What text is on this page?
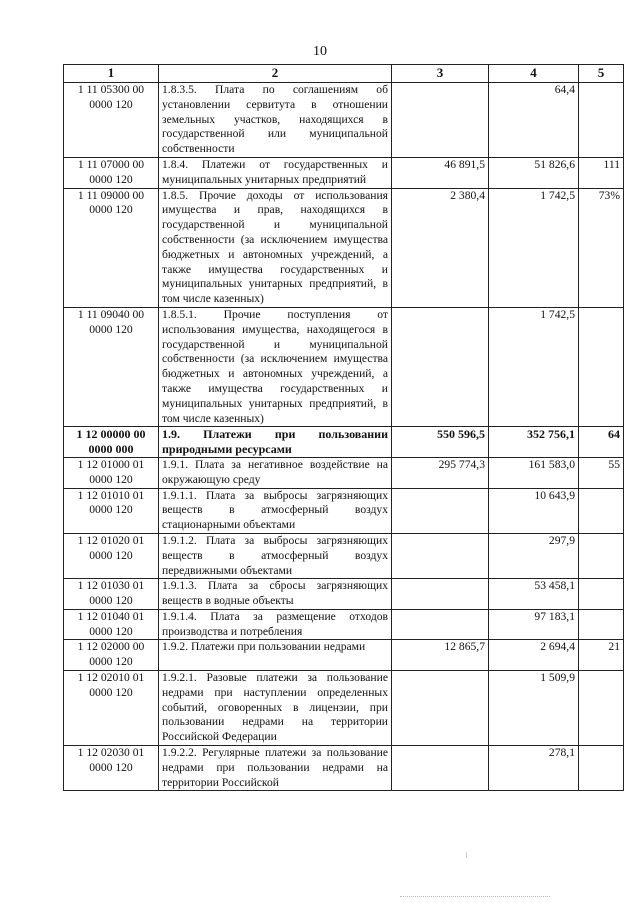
10
1	2	3	4	5
1 11 05300 00
0000 120	1.8.3.5. Плата по соглашениям об установлении сервитута в отношении земельных участков, находящихся в государственной или муниципальной собственности		64,4	
1 11 07000 00
0000 120	1.8.4. Платежи от государственных и муниципальных унитарных предприятий	46 891,5	51 826,6	111
1 11 09000 00
0000 120	1.8.5. Прочие доходы от использования имущества и прав, находящихся в государственной и муниципальной собственности (за исключением имущества бюджетных и автономных учреждений, а также имущества государственных и муниципальных унитарных предприятий, в том числе казенных)	2 380,4	1 742,5	73%
1 11 09040 00
0000 120	1.8.5.1. Прочие поступления от использования имущества, находящегося в государственной и муниципальной собственности (за исключением имущества бюджетных и автономных учреждений, а также имущества государственных и муниципальных унитарных предприятий, в том числе казенных)		1 742,5	
1 12 00000 00
0000 000	1.9. Платежи при пользовании природными ресурсами	550 596,5	352 756,1	64
1 12 01000 01
0000 120	1.9.1. Плата за негативное воздействие на окружающую среду	295 774,3	161 583,0	55
1 12 01010 01
0000 120	1.9.1.1. Плата за выбросы загрязняющих веществ в атмосферный воздух стационарными объектами		10 643,9	
1 12 01020 01
0000 120	1.9.1.2. Плата за выбросы загрязняющих веществ в атмосферный воздух передвижными объектами		297,9	
1 12 01030 01
0000 120	1.9.1.3. Плата за сбросы загрязняющих веществ в водные объекты		53 458,1	
1 12 01040 01
0000 120	1.9.1.4. Плата за размещение отходов производства и потребления		97 183,1	
1 12 02000 00
0000 120	1.9.2. Платежи при пользовании недрами	12 865,7	2 694,4	21
1 12 02010 01
0000 120	1.9.2.1. Разовые платежи за пользование недрами при наступлении определенных событий, оговоренных в лицензии, при пользовании недрами на территории Российской Федерации		1 509,9	
1 12 02030 01
0000 120	1.9.2.2. Регулярные платежи за пользование недрами при пользовании недрами на территории Российской		278,1	
